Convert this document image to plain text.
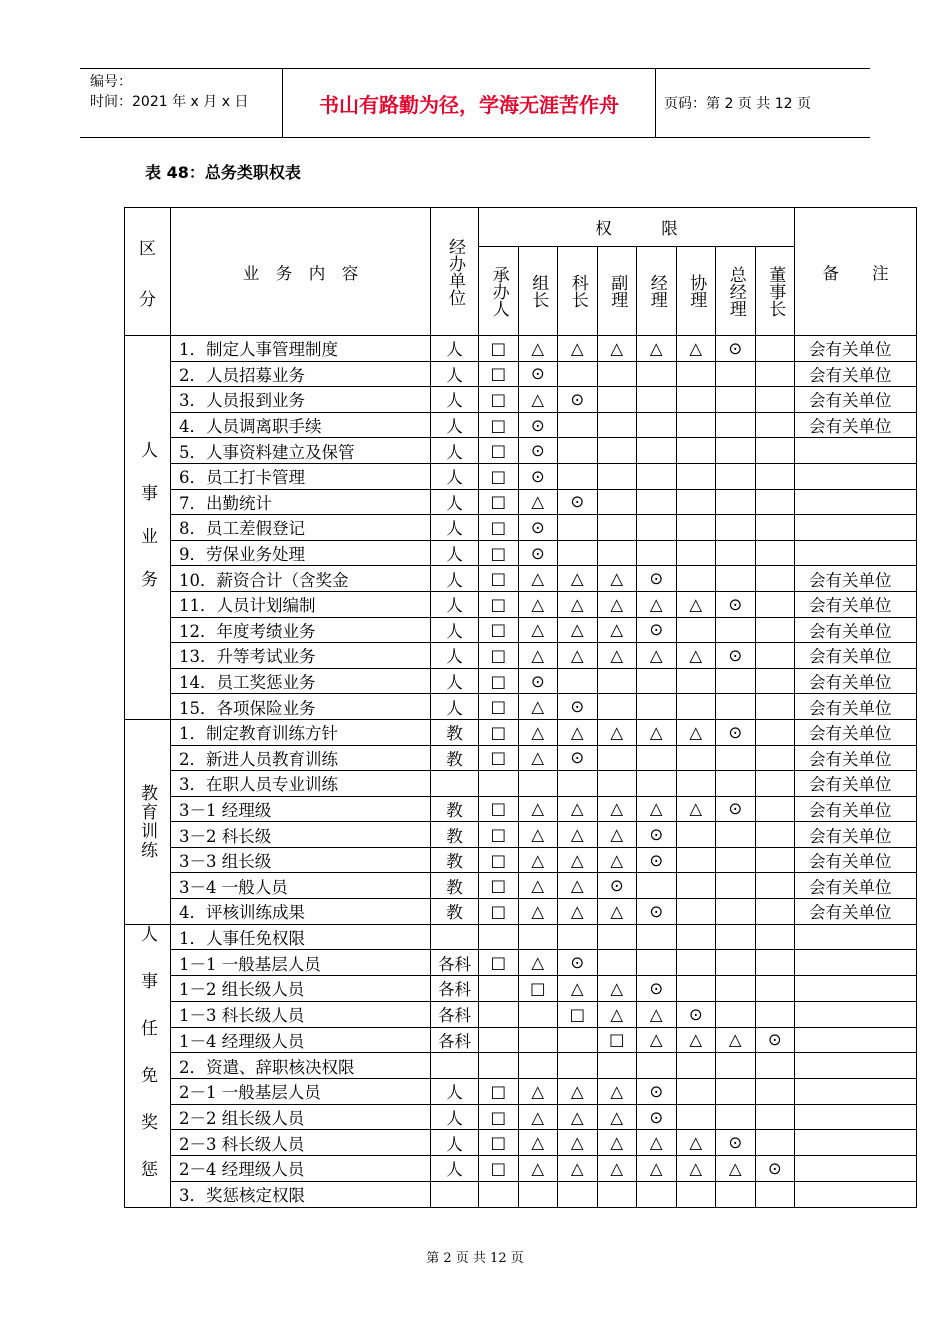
编号：
时间：2021 年 x 月 x 日	书山有路勤为径，学海无涯苦作舟	页码：第 2 页 共 12 页
表 48：总务类职权表
区
分	业　务　内　容	经办单位	权　　　限								备　　注

承办人	组长	科长	副理	经理	协理	总经理	董事长	

人事业务	1．制定人事管理制度	人	□	△	△	△	△	△	⊙		会有关单位
	2．人员招募业务	人	□	⊙							会有关单位
	3．人员报到业务	人	□	△	⊙						会有关单位
	4．人员调离职手续	人	□	⊙							会有关单位
	5．人事资料建立及保管	人	□	⊙							
	6．员工打卡管理	人	□	⊙							
	7．出勤统计	人	□	△	⊙						
	8．员工差假登记	人	□	⊙							
	9．劳保业务处理	人	□	⊙							
	10．薪资合计（含奖金	人	□	△	△	△	⊙				会有关单位
	11．人员计划编制	人	□	△	△	△	△	△	⊙		会有关单位
	12．年度考绩业务	人	□	△	△	△	⊙				会有关单位
	13．升等考试业务	人	□	△	△	△	△	△	⊙		会有关单位
	14．员工奖惩业务	人	□	⊙							会有关单位
	15．各项保险业务	人	□	△	⊙						会有关单位

教育训练	1．制定教育训练方针	教	□	△	△	△	△	△	⊙		会有关单位
	2．新进人员教育训练	教	□	△	⊙						会有关单位
	3．在职人员专业训练										会有关单位
	3－1 经理级	教	□	△	△	△	△	△	⊙		会有关单位
	3－2 科长级	教	□	△	△	△	⊙				会有关单位
	3－3 组长级	教	□	△	△	△	⊙				会有关单位
	3－4 一般人员	教	□	△	△	⊙					会有关单位
	4．评核训练成果	教	□	△	△	△	⊙				会有关单位

人事任免奖惩	1．人事任免权限										
	1－1 一般基层人员	各科	□	△	⊙						
	1－2 组长级人员	各科		□	△	△	⊙				
	1－3 科长级人员	各科			□	△	△	⊙			
	1－4 经理级人员	各科				□	△	△	△	⊙	
	2．资遣、辞职核决权限										
	2－1 一般基层人员	人	□	△	△	△	⊙				
	2－2 组长级人员	人	□	△	△	△	⊙				
	2－3 科长级人员	人	□	△	△	△	△	△	⊙		
	2－4 经理级人员	人	□	△	△	△	△	△	△	⊙	
	3．奖惩核定权限										
第 2 页 共 12 页
